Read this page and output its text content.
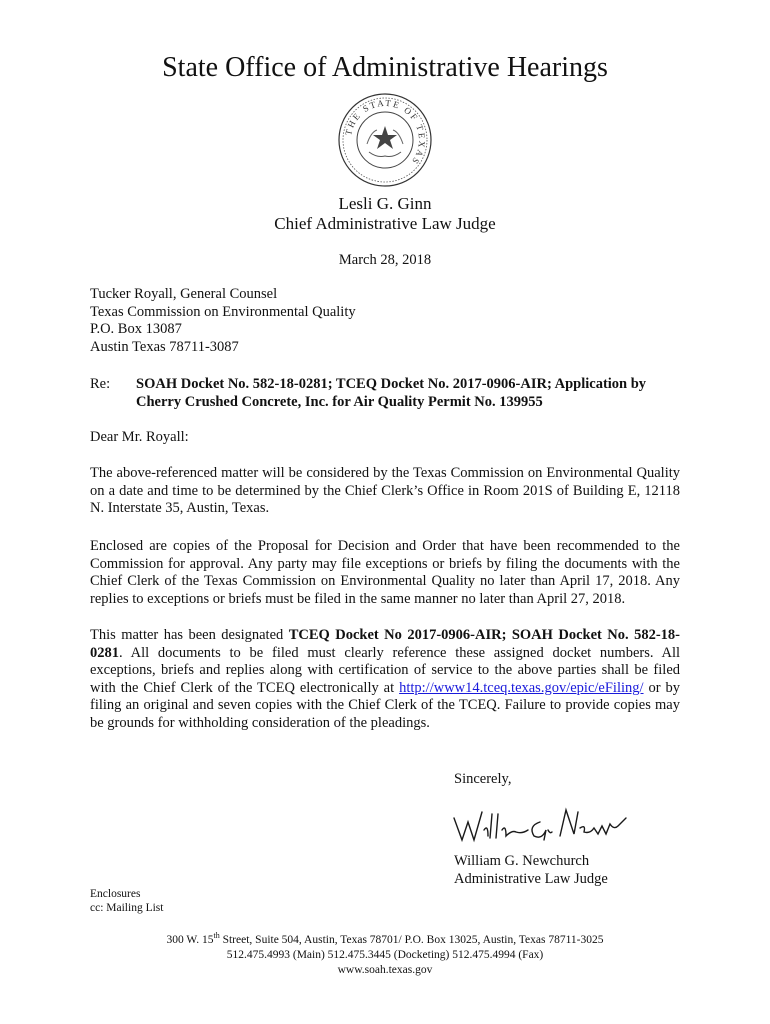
State Office of Administrative Hearings
THE STATE OF TEXAS
Lesli G. Ginn
Chief Administrative Law Judge
March 28, 2018
Tucker Royall, General Counsel
Texas Commission on Environmental Quality
P.O. Box 13087
Austin Texas 78711-3087
Re: SOAH Docket No. 582-18-0281; TCEQ Docket No. 2017-0906-AIR; Application by Cherry Crushed Concrete, Inc. for Air Quality Permit No. 139955
Dear Mr. Royall:
The above-referenced matter will be considered by the Texas Commission on Environmental Quality on a date and time to be determined by the Chief Clerk’s Office in Room 201S of Building E, 12118 N. Interstate 35, Austin, Texas.
Enclosed are copies of the Proposal for Decision and Order that have been recommended to the Commission for approval. Any party may file exceptions or briefs by filing the documents with the Chief Clerk of the Texas Commission on Environmental Quality no later than April 17, 2018. Any replies to exceptions or briefs must be filed in the same manner no later than April 27, 2018.
This matter has been designated TCEQ Docket No 2017-0906-AIR; SOAH Docket No. 582-18-0281. All documents to be filed must clearly reference these assigned docket numbers. All exceptions, briefs and replies along with certification of service to the above parties shall be filed with the Chief Clerk of the TCEQ electronically at http://www14.tceq.texas.gov/epic/eFiling/ or by filing an original and seven copies with the Chief Clerk of the TCEQ. Failure to provide copies may be grounds for withholding consideration of the pleadings.
Sincerely,
William G. Newchurch
Administrative Law Judge
Enclosures
cc: Mailing List
300 W. 15th Street, Suite 504, Austin, Texas 78701/ P.O. Box 13025, Austin, Texas 78711-3025
512.475.4993 (Main) 512.475.3445 (Docketing) 512.475.4994 (Fax)
www.soah.texas.gov
